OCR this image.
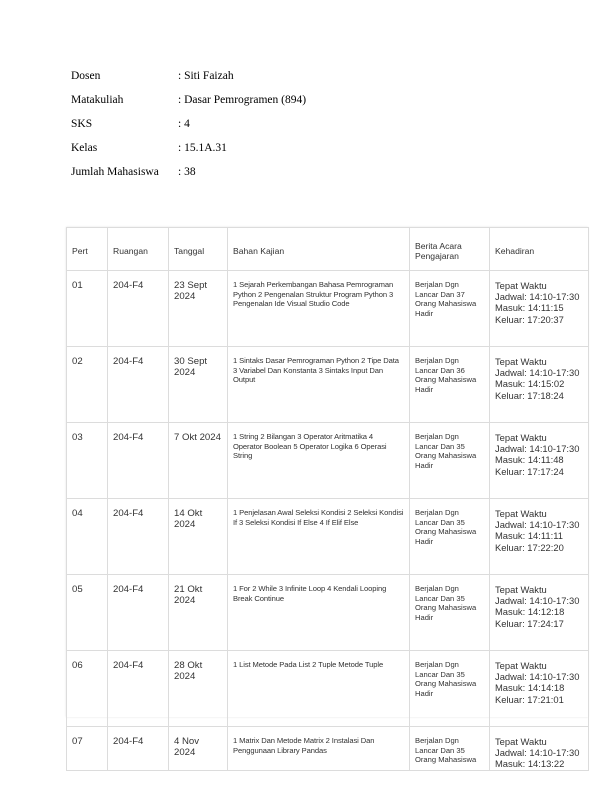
Dosen	: Siti Faizah
Matakuliah	: Dasar Pemrogramen (894)
SKS	: 4
Kelas	: 15.1A.31
Jumlah Mahasiswa : 38
Pert	Ruangan	Tanggal	Bahan Kajian	Berita Acara Pengajaran	Kehadiran
01	204-F4	23 Sept 2024	1 Sejarah Perkembangan Bahasa Pemrograman Python 2 Pengenalan Struktur Program Python 3 Pengenalan Ide Visual Studio Code	Berjalan Dgn Lancar Dan 37 Orang Mahasiswa Hadir	Tepat Waktu
Jadwal: 14:10-17:30
Masuk: 14:11:15
Keluar: 17:20:37

02	204-F4	30 Sept 2024	1 Sintaks Dasar Pemrograman Python 2 Tipe Data 3 Variabel Dan Konstanta 3 Sintaks Input Dan Output	Berjalan Dgn Lancar Dan 36 Orang Mahasiswa Hadir	Tepat Waktu
Jadwal: 14:10-17:30
Masuk: 14:15:02
Keluar: 17:18:24

03	204-F4	7 Okt 2024	1 String 2 Bilangan 3 Operator Aritmatika 4 Operator Boolean 5 Operator Logika 6 Operasi String	Berjalan Dgn Lancar Dan 35 Orang Mahasiswa Hadir	Tepat Waktu
Jadwal: 14:10-17:30
Masuk: 14:11:48
Keluar: 17:17:24

04	204-F4	14 Okt 2024	1 Penjelasan Awal Seleksi Kondisi 2 Seleksi Kondisi If 3 Seleksi Kondisi If Else 4 If Elif Else	Berjalan Dgn Lancar Dan 35 Orang Mahasiswa Hadir	Tepat Waktu
Jadwal: 14:10-17:30
Masuk: 14:11:11
Keluar: 17:22:20

05	204-F4	21 Okt 2024	1 For 2 While 3 Infinite Loop 4 Kendali Looping Break Continue	Berjalan Dgn Lancar Dan 35 Orang Mahasiswa Hadir	Tepat Waktu
Jadwal: 14:10-17:30
Masuk: 14:12:18
Keluar: 17:24:17

06	204-F4	28 Okt 2024	1 List Metode Pada List 2 Tuple Metode Tuple	Berjalan Dgn Lancar Dan 35 Orang Mahasiswa Hadir	Tepat Waktu
Jadwal: 14:10-17:30
Masuk: 14:14:18
Keluar: 17:21:01

07	204-F4	4 Nov 2024	1 Matrix Dan Metode Matrix 2 Instalasi Dan Penggunaan Library Pandas	Berjalan Dgn Lancar Dan 35 Orang Mahasiswa	Tepat Waktu
Jadwal: 14:10-17:30
Masuk: 14:13:22
